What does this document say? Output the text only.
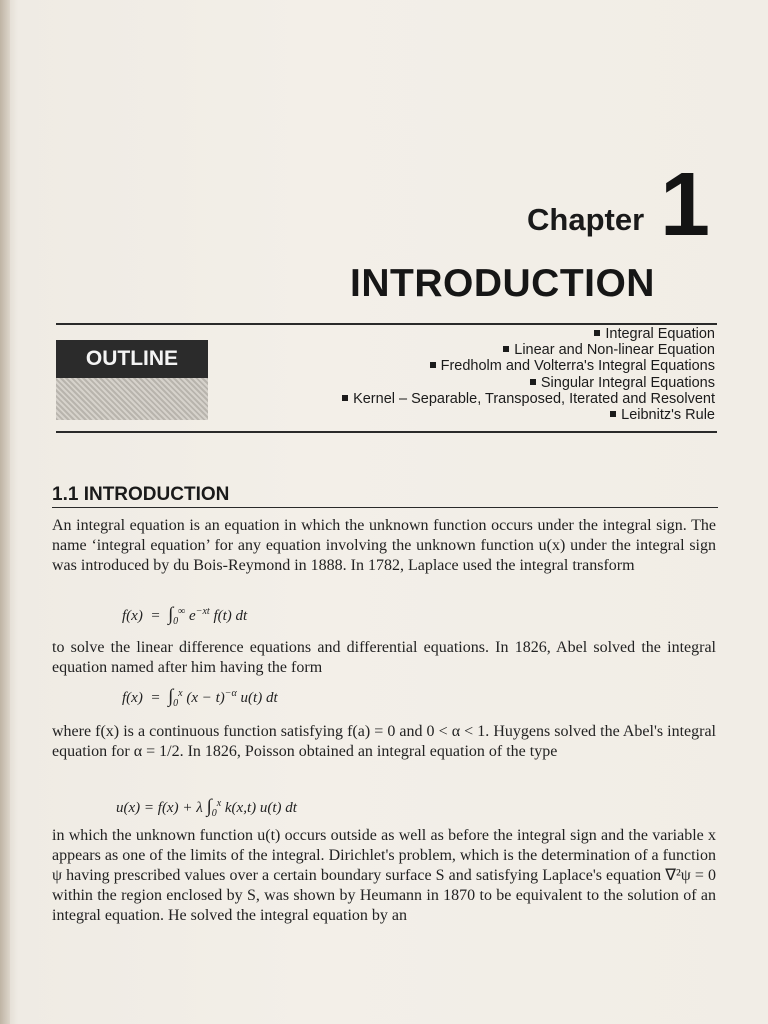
Chapter 1
INTRODUCTION
OUTLINE
Integral Equation
Linear and Non-linear Equation
Fredholm and Volterra's Integral Equations
Singular Integral Equations
Kernel – Separable, Transposed, Iterated and Resolvent
Leibnitz's Rule
1.1 INTRODUCTION
An integral equation is an equation in which the unknown function occurs under the integral sign. The name ‘integral equation’ for any equation involving the unknown function u(x) under the integral sign was introduced by du Bois-Reymond in 1888. In 1782, Laplace used the integral transform
$f(x) = \int_0^\infty$ $e^{-xt}$ f(t) dt
to solve the linear difference equations and differential equations. In 1826, Abel solved the integral equation named after him having the form
$f(x) = \int_0^x$ $(x - t)^{-\alpha}$ u(t) dt
where f(x) is a continuous function satisfying f(a) = 0 and 0 < α < 1. Huygens solved the Abel's integral equation for α = 1/2. In 1826, Poisson obtained an integral equation of the type
u(x) = f(x) + λ $\int_0^x$ k(x,t) u(t) dt
in which the unknown function u(t) occurs outside as well as before the integral sign and the variable x appears as one of the limits of the integral. Dirichlet's problem, which is the determination of a function ψ having prescribed values over a certain boundary surface S and satisfying Laplace's equation ∇²ψ = 0 within the region enclosed by S, was shown by Heumann in 1870 to be equivalent to the solution of an integral equation. He solved the integral equation by an
